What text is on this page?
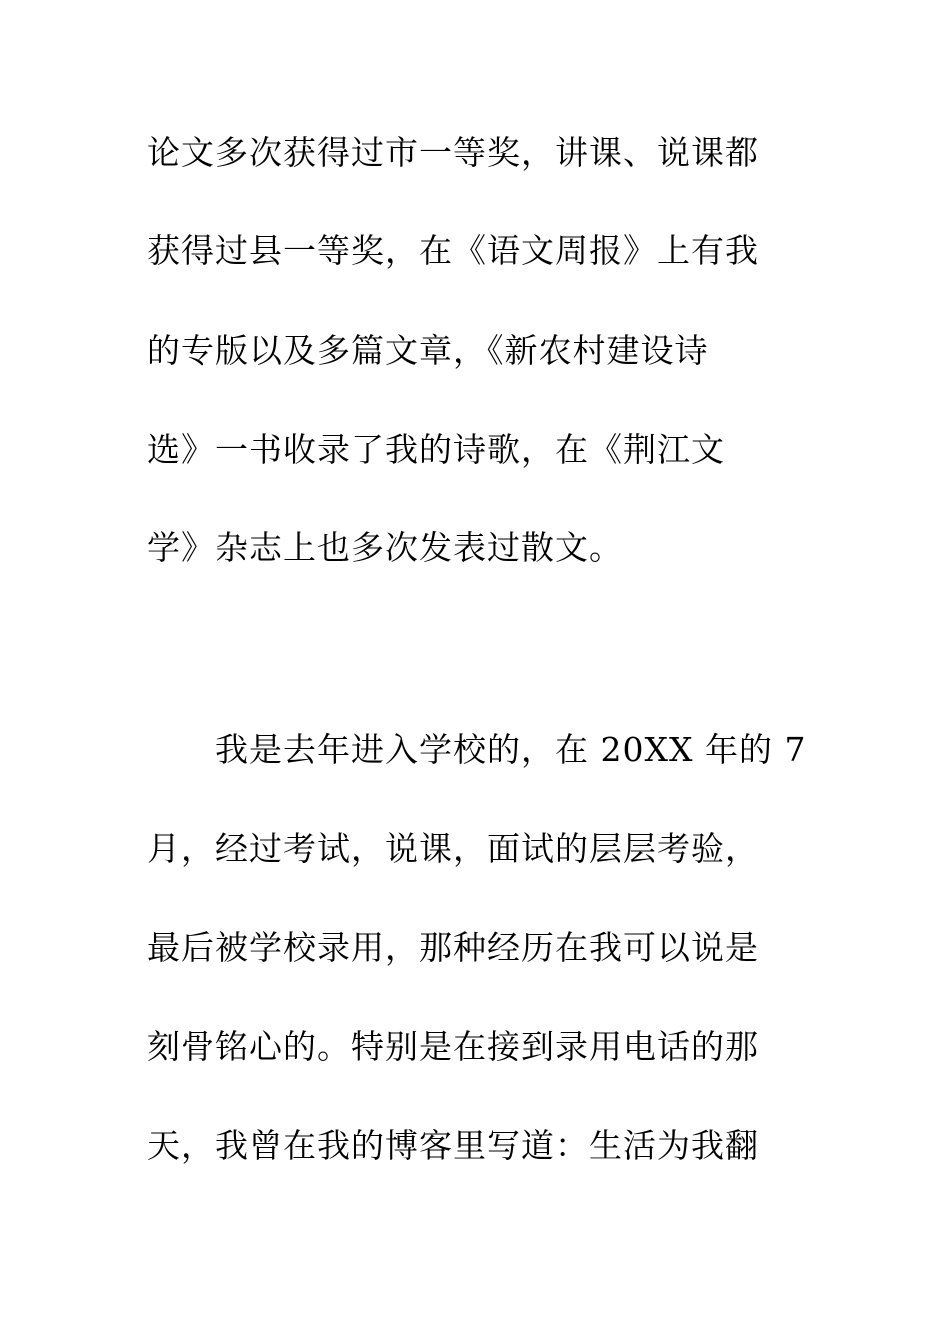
论文多次获得过市一等奖，讲课、说课都
获得过县一等奖，在《语文周报》上有我
的专版以及多篇文章，《新农村建设诗
选》一书收录了我的诗歌，在《荆江文
学》杂志上也多次发表过散文。
　　我是去年进入学校的，在 20XX 年的 7
月，经过考试，说课，面试的层层考验，
最后被学校录用，那种经历在我可以说是
刻骨铭心的。特别是在接到录用电话的那
天，我曾在我的博客里写道：生活为我翻
